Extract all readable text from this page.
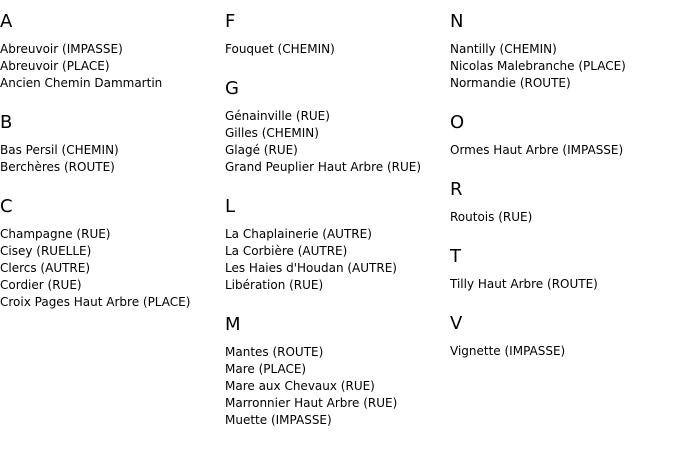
A
Abreuvoir (IMPASSE)
Abreuvoir (PLACE)
Ancien Chemin Dammartin
B
Bas Persil (CHEMIN)
Berchères (ROUTE)
C
Champagne (RUE)
Cisey (RUELLE)
Clercs (AUTRE)
Cordier (RUE)
Croix Pages Haut Arbre (PLACE)
F
Fouquet (CHEMIN)
G
Génainville (RUE)
Gilles (CHEMIN)
Glagé (RUE)
Grand Peuplier Haut Arbre (RUE)
L
La Chaplainerie (AUTRE)
La Corbière (AUTRE)
Les Haies d'Houdan (AUTRE)
Libération (RUE)
M
Mantes (ROUTE)
Mare (PLACE)
Mare aux Chevaux (RUE)
Marronnier Haut Arbre (RUE)
Muette (IMPASSE)
N
Nantilly (CHEMIN)
Nicolas Malebranche (PLACE)
Normandie (ROUTE)
O
Ormes Haut Arbre (IMPASSE)
R
Routois (RUE)
T
Tilly Haut Arbre (ROUTE)
V
Vignette (IMPASSE)
